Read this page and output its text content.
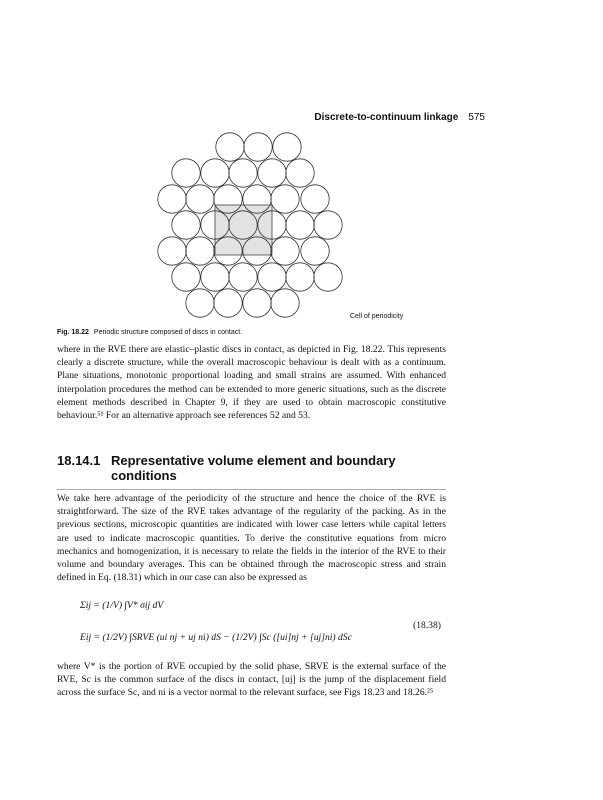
Discrete-to-continuum linkage 575
Cell of periodicity
Fig. 18.22 Periodic structure composed of discs in contact.
where in the RVE there are elastic–plastic discs in contact, as depicted in Fig. 18.22. This represents clearly a discrete structure, while the overall macroscopic behaviour is dealt with as a continuum. Plane situations, monotonic proportional loading and small strains are assumed. With enhanced interpolation procedures the method can be extended to more generic situations, such as the discrete element methods described in Chapter 9, if they are used to obtain macroscopic constitutive behaviour.⁵¹ For an alternative approach see references 52 and 53.
18.14.1 Representative volume element and boundary
conditions
We take here advantage of the periodicity of the structure and hence the choice of the RVE is straightforward. The size of the RVE takes advantage of the regularity of the packing. As in the previous sections, microscopic quantities are indicated with lower case letters while capital letters are used to indicate macroscopic quantities. To derive the constitutive equations from micro mechanics and homogenization, it is necessary to relate the fields in the interior of the RVE to their volume and boundary averages. This can be obtained through the macroscopic stress and strain defined in Eq. (18.31) which in our case can also be expressed as
Σij = (1/V) ∫V* σij dV
Eij = (1/2V) ∫SRVE (ui nj + uj ni) dS − (1/2V) ∫Sc ([ui]nj + [uj]ni) dSc
(18.38)
where V* is the portion of RVE occupied by the solid phase, SRVE is the external surface of the RVE, Sc is the common surface of the discs in contact, [uj] is the jump of the displacement field across the surface Sc, and ni is a vector normal to the relevant surface, see Figs 18.23 and 18.26.²⁵
